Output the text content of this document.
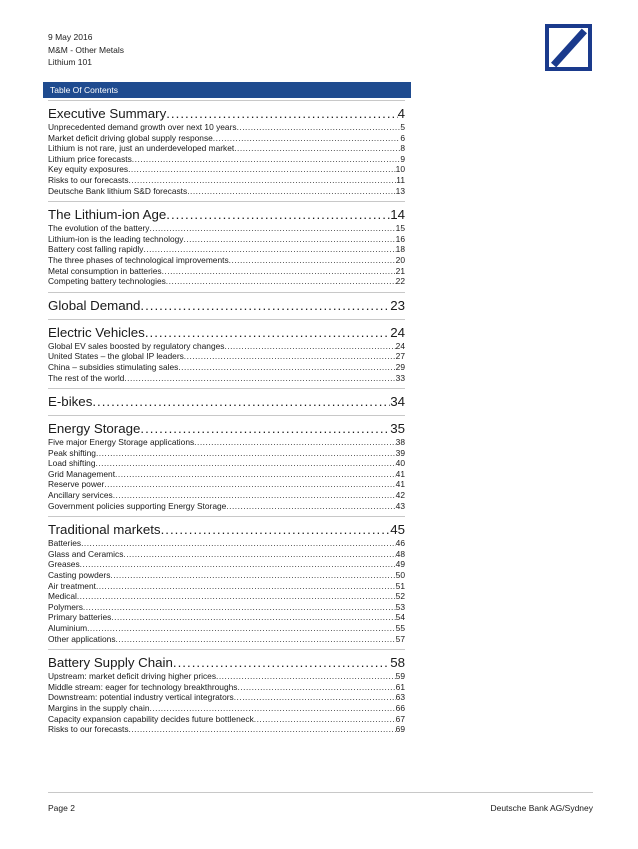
9 May 2016
M&M - Other Metals
Lithium 101
Table Of Contents
Executive Summary .....	4
Unprecedented demand growth over next 10 years .....	5
Market deficit driving global supply response .....	6
Lithium is not rare, just an underdeveloped market .....	8
Lithium price forecasts .....	9
Key equity exposures .....	10
Risks to our forecasts .....	11
Deutsche Bank lithium S&D forecasts .....	13
The Lithium-ion Age .....	14
The evolution of the battery .....	15
Lithium-ion is the leading technology .....	16
Battery cost falling rapidly .....	18
The three phases of technological improvements .....	20
Metal consumption in batteries .....	21
Competing battery technologies .....	22
Global Demand .....	23
Electric Vehicles .....	24
Global EV sales boosted by regulatory changes .....	24
United States – the global IP leaders .....	27
China – subsidies stimulating sales .....	29
The rest of the world .....	33
E-bikes .....	34
Energy Storage .....	35
Five major Energy Storage applications .....	38
Peak shifting .....	39
Load shifting .....	40
Grid Management .....	41
Reserve power .....	41
Ancillary services .....	42
Government policies supporting Energy Storage .....	43
Traditional markets .....	45
Batteries .....	46
Glass and Ceramics .....	48
Greases .....	49
Casting powders .....	50
Air treatment .....	51
Medical .....	52
Polymers .....	53
Primary batteries .....	54
Aluminium .....	55
Other applications .....	57
Battery Supply Chain .....	58
Upstream: market deficit driving higher prices .....	59
Middle stream: eager for technology breakthroughs .....	61
Downstream: potential industry vertical integrators .....	63
Margins in the supply chain .....	66
Capacity expansion capability decides future bottleneck .....	67
Risks to our forecasts .....	69
Page 2	Deutsche Bank AG/Sydney
